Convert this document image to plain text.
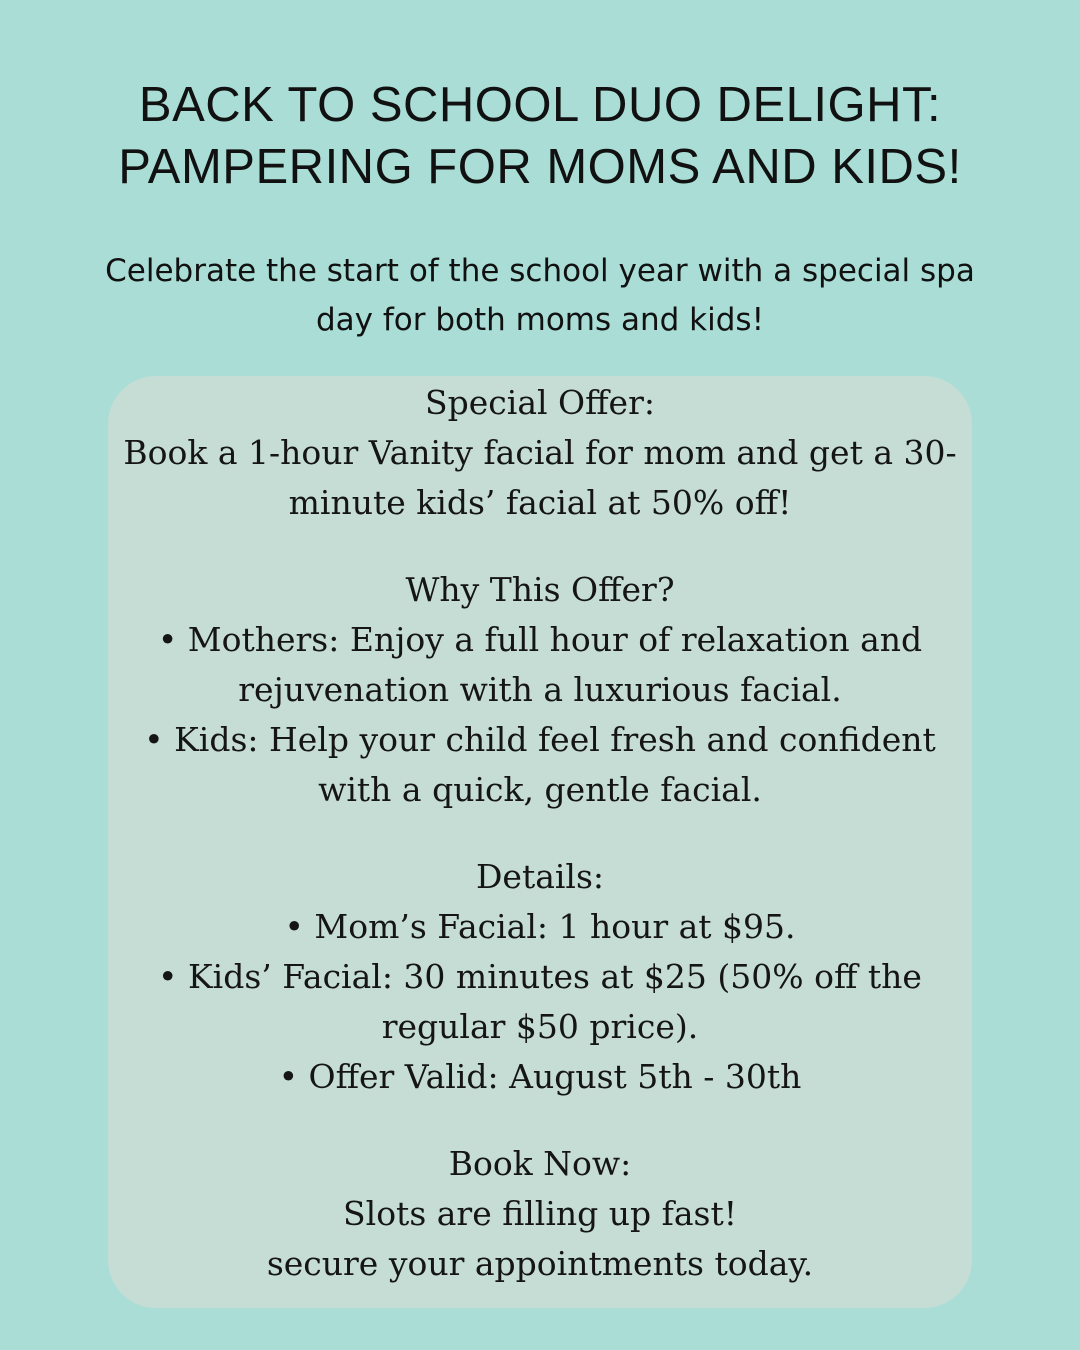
BACK TO SCHOOL DUO DELIGHT:
PAMPERING FOR MOMS AND KIDS!
Celebrate the start of the school year with a special spa
day for both moms and kids!
Special Offer:
Book a 1-hour Vanity facial for mom and get a 30-
minute kids’ facial at 50% off!
Why This Offer?
• Mothers: Enjoy a full hour of relaxation and
rejuvenation with a luxurious facial.
• Kids: Help your child feel fresh and confident
with a quick, gentle facial.
Details:
• Mom’s Facial: 1 hour at $95.
• Kids’ Facial: 30 minutes at $25 (50% off the
regular $50 price).
• Offer Valid: August 5th - 30th
Book Now:
Slots are filling up fast!
secure your appointments today.
